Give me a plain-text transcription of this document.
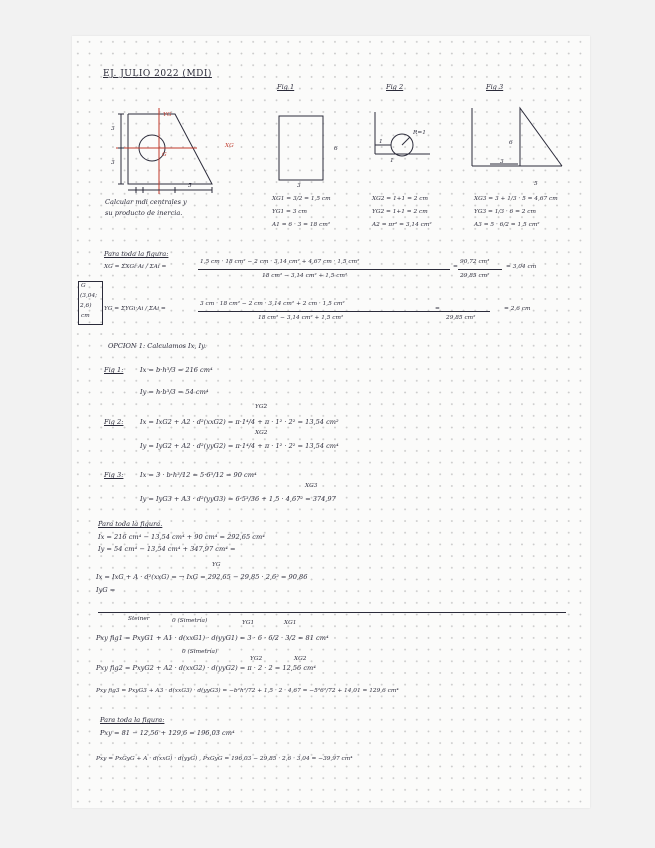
EJ. JULIO 2022 (MDI)
3
3
5
XG
YG
G
Fig 1
6
3
Fig 2
R=1
1
1
Fig 3
6
3
5
Calcular mdi centrales y
su producto de inercia.
XG1 = 3/2 = 1,5 cm
YG1 = 3 cm
A1 = 6 · 3 = 18 cm²
XG2 = 1+1 = 2 cm
YG2 = 1+1 = 2 cm
A2 = πr² = 3,14 cm²
XG3 = 3 + 1/3 · 5 = 4,67 cm
YG3 = 1/3 · 6 = 2 cm
A3 = 5 · 6/2 = 1,5 cm²
Para toda la figura:
XG = ΣXGi·Ai / ΣAi =
1,5 cm · 18 cm² − 2 cm · 3,14 cm² + 4,67 cm · 1,5 cm²
18 cm² − 3,14 cm² + 1,5 cm²
=
90,72 cm³
29,85 cm²
= 3,04 cm
G
(3,04;
2,6)
cm
YG = ΣYGi·Ai / ΣAi =
3 cm · 18 cm² − 2 cm · 3,14 cm² + 2 cm · 1,5 cm²
18 cm² − 3,14 cm² + 1,5 cm²
=
29,85 cm²
= 2,6 cm
OPCION 1: Calculamos Ix, Iy.
Fig 1:	Ix = b·h³/3 = 216 cm⁴
Iy = h·b³/3 = 54 cm⁴
YG2
Fig 2:	Ix = IxG2 + A2 · d²(xxG2) = π·1⁴/4 + π · 1² · 2² = 13,54 cm²
XG2
Iy = IyG2 + A2 · d²(yyG2) = π·1⁴/4 + π · 1² · 2² = 13,54 cm⁴
Fig 3:	Ix = 3 · b·h³/12 = 5·6³/12 = 90 cm⁴
XG3
Iy = IyG3 + A3 · d²(yyG3) = 6·5³/36 + 1,5 · 4,67² = 374,97
Para toda la figura.
Ix = 216 cm⁴ − 13,54 cm⁴ + 90 cm⁴ = 292,65 cm⁴
Iy = 54 cm⁴ − 13,54 cm⁴ + 347,97 cm⁴ =
YG
Ix = IxG + A · d²(xxG) = → IxG = 292,65 − 29,85 · 2,6² = 90,86
IyG =
Steiner	0 (Simetría)	YG1	XG1
Pxy fig1 = PxyG1 + A1 · d(xxG1) · d(yyG1) = 3 · 6 · 6/2 · 3/2 = 81 cm⁴
0 (Simetría)
YG2	XG2
Pxy fig2 = PxyG2 + A2 · d(xxG2) · d(yyG2) = π · 2 · 2 = 12,56 cm⁴
Pxy fig3 = PxyG3 + A3 · d(xxG3) · d(yyG3) = −b²h²/72 + 1,5 · 2 · 4,67 = −5²6²/72 + 14,01 = 129,6 cm⁴
Para toda la figura:
Pxy = 81 − 12,56 + 129,6 = 196,03 cm⁴
Pxy = PxGyG + A · d(xxG) · d(yyG) , PxGyG = 196,03 − 29,85 · 2,6 · 3,04 = −39,97 cm⁴
